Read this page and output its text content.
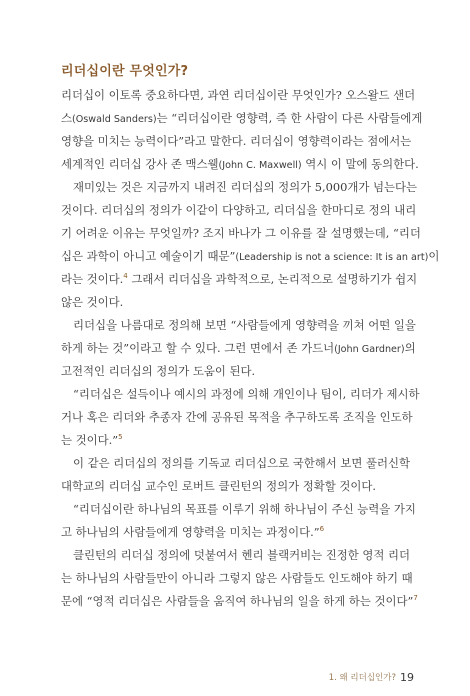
리더십이란 무엇인가?
리더십이 이토록 중요하다면, 과연 리더십이란 무엇인가? 오스왈드 샌더
스(Oswald Sanders)는 “리더십이란 영향력, 즉 한 사람이 다른 사람들에게
영향을 미치는 능력이다”라고 말한다. 리더십이 영향력이라는 점에서는
세계적인 리더십 강사 존 맥스웰(John C. Maxwell) 역시 이 말에 동의한다.
재미있는 것은 지금까지 내려진 리더십의 정의가 5,000개가 넘는다는
것이다. 리더십의 정의가 이같이 다양하고, 리더십을 한마디로 정의 내리
기 어려운 이유는 무엇일까? 조지 바나가 그 이유를 잘 설명했는데, “리더
십은 과학이 아니고 예술이기 때문”(Leadership is not a science: It is an art)이
라는 것이다.$^4$ 그래서 리더십을 과학적으로, 논리적으로 설명하기가 쉽지
않은 것이다.
리더십을 나름대로 정의해 보면 “사람들에게 영향력을 끼쳐 어떤 일을
하게 하는 것”이라고 할 수 있다. 그런 면에서 존 가드너(John Gardner)의
고전적인 리더십의 정의가 도움이 된다.
“리더십은 설득이나 예시의 과정에 의해 개인이나 팀이, 리더가 제시하
거나 혹은 리더와 추종자 간에 공유된 목적을 추구하도록 조직을 인도하
는 것이다.”$^5$
이 같은 리더십의 정의를 기독교 리더십으로 국한해서 보면 풀러신학
대학교의 리더십 교수인 로버트 클린턴의 정의가 정확할 것이다.
“리더십이란 하나님의 목표를 이루기 위해 하나님이 주신 능력을 가지
고 하나님의 사람들에게 영향력을 미치는 과정이다.”$^6$
클린턴의 리더십 정의에 덧붙여서 헨리 블랙커비는 진정한 영적 리더
는 하나님의 사람들만이 아니라 그렇지 않은 사람들도 인도해야 하기 때
문에 “영적 리더십은 사람들을 움직여 하나님의 일을 하게 하는 것이다”$^7$
1. 왜 리더십인가? 19
